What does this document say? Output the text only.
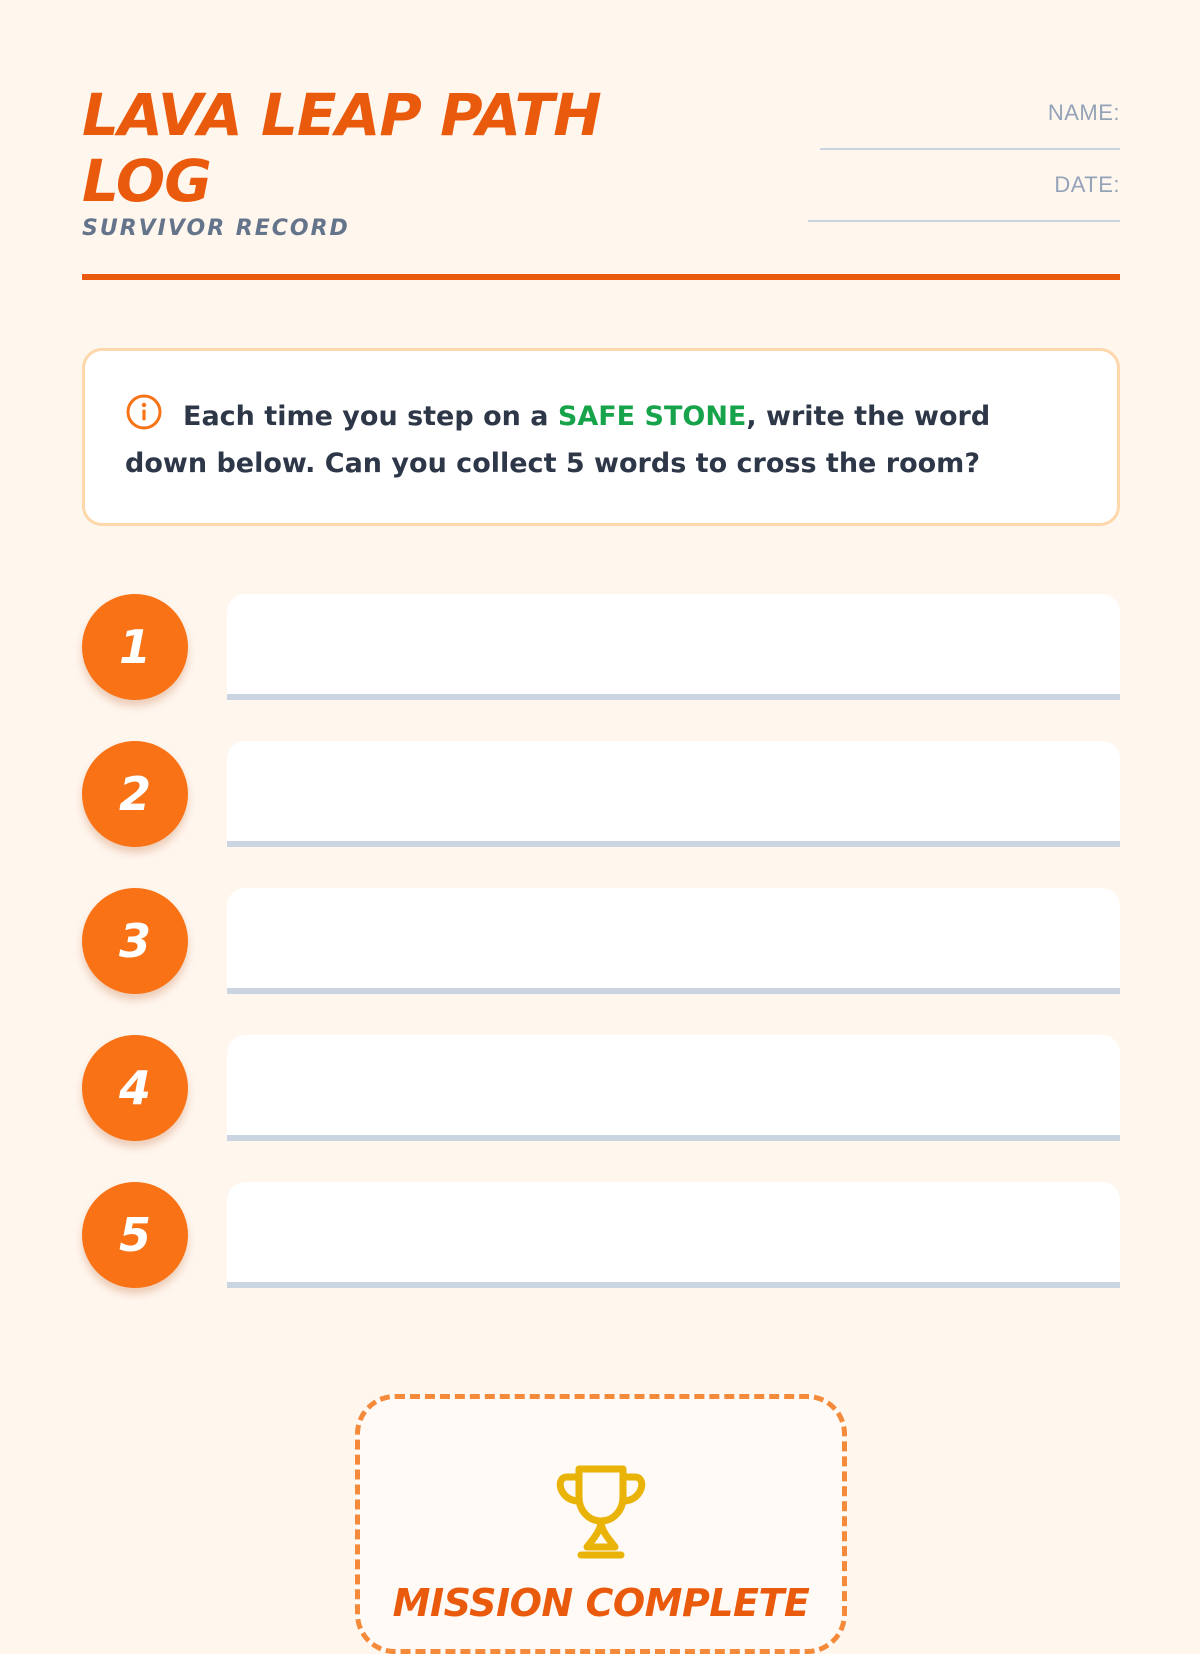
LAVA LEAP PATH LOG
SURVIVOR RECORD
NAME:
DATE:
Each time you step on a SAFE STONE, write the word down below. Can you collect 5 words to cross the room?
1
2
3
4
5
MISSION COMPLETE
